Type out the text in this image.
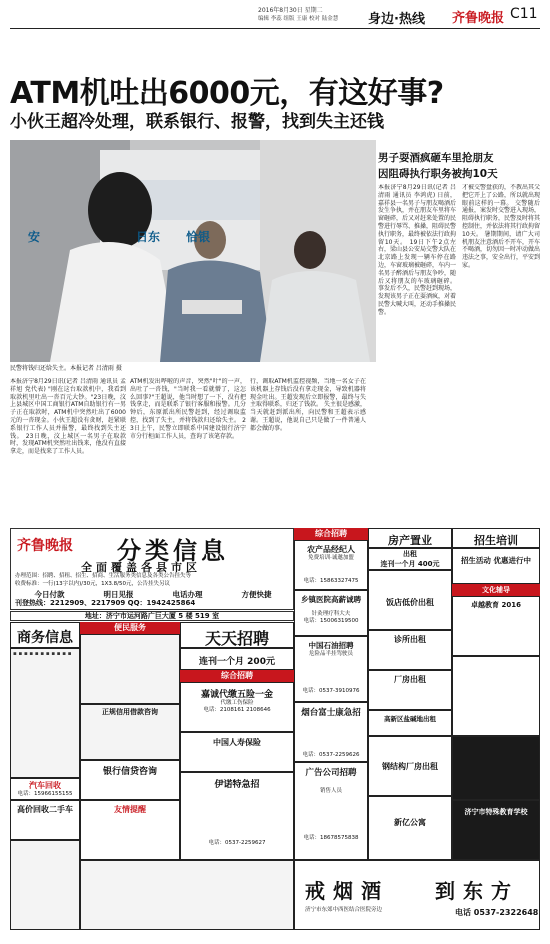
2016年8月30日 星期二
编辑 李蕊 组版 王康 校对 陆金慧 身边·热线 齐鲁晚报 C11
ATM机吐出6000元，有这好事?
小伙王超冷处理，联系银行、报警，找到失主还钱
安	日东 恰银
民警将钱归还给失主。本报记者 吕清雨 摄
本报济宁8月29日讯(记者 吕清雨 通讯员 孟祥旭 党代表) "刚在这台取款机中，我看到取款机里吐出一沓百元大钞。"23日晚，汶上县城区中国工商银行ATM自助银行有一男子正在取款时，ATM机中突然吐出了6000元的一沓现金。小伙王超没有贪财，赶紧联系银行工作人员并报警，最终找到失主还钱。 23日晚，汶上城区一名男子在取款时，发现ATM机突然吐出钱来，他没有直接拿走，而是找来了工作人员。
ATM机发出哗啦的声音，突然"叶"的一声，出吐了一沓钱，"当时我一看就懵了，这怎么回事?"王超说，他当时想了一下，没有把钱拿走，而是联系了银行客服和报警。几分钟后，东原派出所民警赶到，经过调取监控，找到了失主，并将钱款归还给失主。 23日上午，民警立即联系中国建设银行济宁市分行柜面工作人员，查询了该笔存款。
行，调取ATM机监控视频，当地一名女子在该机器上存钱后没有拿走现金，导致机器将现金吐出。王超发现后立即报警，最终与失主取得联系，归还了钱款。 失主很是感激，当天就赶到派出所，向民警和王超表示感谢。王超说，他说自己只是做了一件普通人都会做的事。
男子耍酒疯砸车里抢朋友
因阻碍执行职务被拘10天
本报济宁8月29日讯(记者 吕清雨 通讯员 李鸿虎) 日前，嘉祥县一名男子与朋友喝酒后发生争执，并在朋友车里将车窗砸碎，后又对赶来处置的民警进行辱骂、推搡，阻碍民警执行职务，最终被依法行政拘留10天。 19日下午2点左右，梁山县公安局交警大队在北京路上发现一辆车停在路边，车窗玻璃被砸碎，车内一名男子醉酒后与朋友争吵，随后又将朋友的车玻璃砸碎。 事发后不久，民警赶到现场，发现该男子正在耍酒疯，对着民警大喊大叫，还动手推搡民警。
才被交警盘获的，不教出其父把它开上了公路，所以就出现眼前这样的一幕。 交警随后通报，案发时交警进入现场，阻碍执行职务，民警及时将其控制住，并依法将其行政拘留10天。 暑期期间，请广大司机朋友注意酒后不开车，开车不喝酒，切勿因一时冲动做出违法之事，安全出行，平安到家。
齐鲁晚报 分类信息
全面覆盖各县市区
办理范围：招聘、招租、招生、招商、生活服务类信息及各类公告挂失等
收费标准：一行(13字以内)/30元，1X3.8/50元，公告挂失另议
今日付款	明日见报	电话办理	方便快捷
刊登热线：2212909、2217909 QQ：1942425864
地址：济宁市运河路广巨大厦 5 楼 519 室
商务信息
▪ ▪ ▪ ▪ ▪ ▪ ▪ ▪ ▪ ▪ ▪
汽车回收
电话：15966155155
高价回收二手车
便民服务
天天招聘
连刊一个月 200元
综合招聘
嘉诚代缴五险一金
代缴工伤保险
电话：2108161 2108646
正规信用借款咨询
银行信贷咨询
友情提醒
中国人寿保险
伊诺特急招
电话：0537-2259627
综合招聘
农产品经纪人
免费培训·诚邀加盟
电话：15863327475
乡镇医院高薪诚聘
针灸理疗科大夫
电话：15006319500
中国石油招聘
危险品半挂驾驶员
电话：0537-3910976
烟台富士康急招
电话：0537-2259626
广告公司招聘
销售人员
电话：18678575838
房产置业
出租
连刊一个月 400元
饭店低价出租
诊所出租
厂房出租
高新区盐碱地出租
钢结构厂房出租
新亿公寓
招生培训
招生活动 优惠进行中
文化辅导
卓越教育 2016
济宁市特殊教育学校
戒烟酒 到东方
济宁市东郊中西医结合医院旁边	电话 0537-2322648
